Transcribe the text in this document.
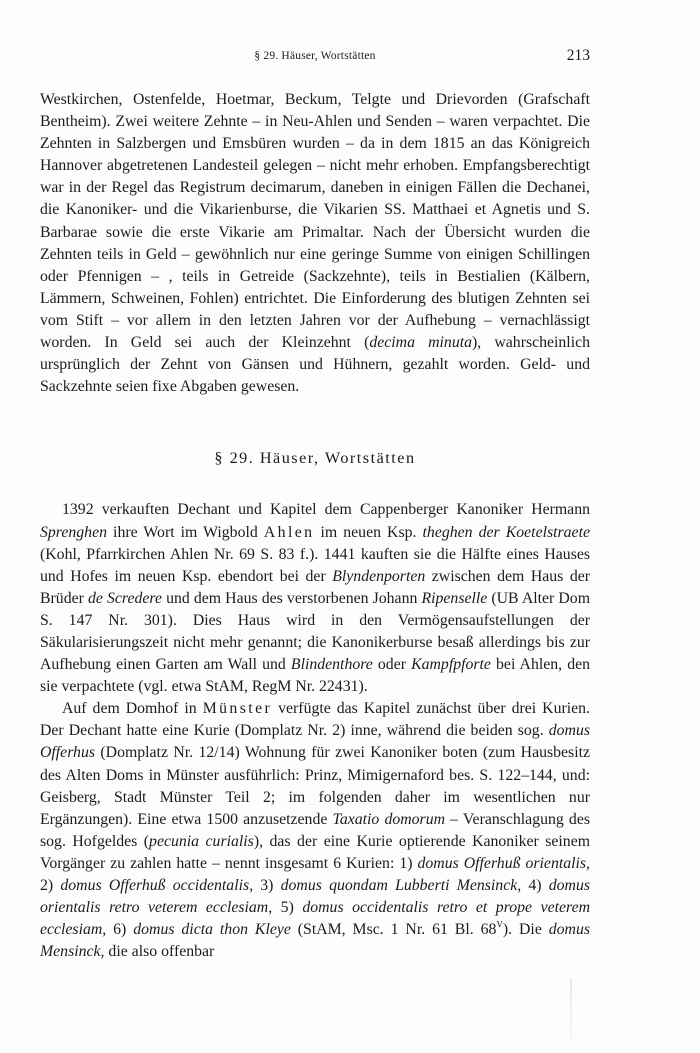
§ 29. Häuser, Wortstätten	213

Westkirchen, Ostenfelde, Hoetmar, Beckum, Telgte und Drievorden (Grafschaft Bentheim). Zwei weitere Zehnte – in Neu-Ahlen und Senden – waren verpachtet. Die Zehnten in Salzbergen und Emsbüren wurden – da in dem 1815 an das Königreich Hannover abgetretenen Landesteil gelegen – nicht mehr erhoben. Empfangsberechtigt war in der Regel das Registrum decimarum, daneben in einigen Fällen die Dechanei, die Kanoniker- und die Vikarienburse, die Vikarien SS. Matthaei et Agnetis und S. Barbarae sowie die erste Vikarie am Primaltar. Nach der Übersicht wurden die Zehnten teils in Geld – gewöhnlich nur eine geringe Summe von einigen Schillingen oder Pfennigen – , teils in Getreide (Sackzehnte), teils in Bestialien (Kälbern, Lämmern, Schweinen, Fohlen) entrichtet. Die Einforderung des blutigen Zehnten sei vom Stift – vor allem in den letzten Jahren vor der Aufhebung – vernachlässigt worden. In Geld sei auch der Kleinzehnt (decima minuta), wahrscheinlich ursprünglich der Zehnt von Gänsen und Hühnern, gezahlt worden. Geld- und Sackzehnte seien fixe Abgaben gewesen.

§ 29. Häuser, Wortstätten

1392 verkauften Dechant und Kapitel dem Cappenberger Kanoniker Hermann Sprenghen ihre Wort im Wigbold Ahlen im neuen Ksp. theghen der Koetelstraete (Kohl, Pfarrkirchen Ahlen Nr. 69 S. 83 f.). 1441 kauften sie die Hälfte eines Hauses und Hofes im neuen Ksp. ebendort bei der Blyndenporten zwischen dem Haus der Brüder de Scredere und dem Haus des verstorbenen Johann Ripenselle (UB Alter Dom S. 147 Nr. 301). Dies Haus wird in den Vermögensaufstellungen der Säkularisierungszeit nicht mehr genannt; die Kanonikerburse besaß allerdings bis zur Aufhebung einen Garten am Wall und Blindenthore oder Kampfpforte bei Ahlen, den sie verpachtete (vgl. etwa StAM, RegM Nr. 22431).

Auf dem Domhof in Münster verfügte das Kapitel zunächst über drei Kurien. Der Dechant hatte eine Kurie (Domplatz Nr. 2) inne, während die beiden sog. domus Offerhus (Domplatz Nr. 12/14) Wohnung für zwei Kanoniker boten (zum Hausbesitz des Alten Doms in Münster ausführlich: Prinz, Mimigernaford bes. S. 122–144, und: Geisberg, Stadt Münster Teil 2; im folgenden daher im wesentlichen nur Ergänzungen). Eine etwa 1500 anzusetzende Taxatio domorum – Veranschlagung des sog. Hofgeldes (pecunia curialis), das der eine Kurie optierende Kanoniker seinem Vorgänger zu zahlen hatte – nennt insgesamt 6 Kurien: 1) domus Offerhuß orientalis, 2) domus Offerhuß occidentalis, 3) domus quondam Lubberti Mensinck, 4) domus orientalis retro veterem ecclesiam, 5) domus occidentalis retro et prope veterem ecclesiam, 6) domus dicta thon Kleye (StAM, Msc. 1 Nr. 61 Bl. $68^V$). Die domus Mensinck, die also offenbar
